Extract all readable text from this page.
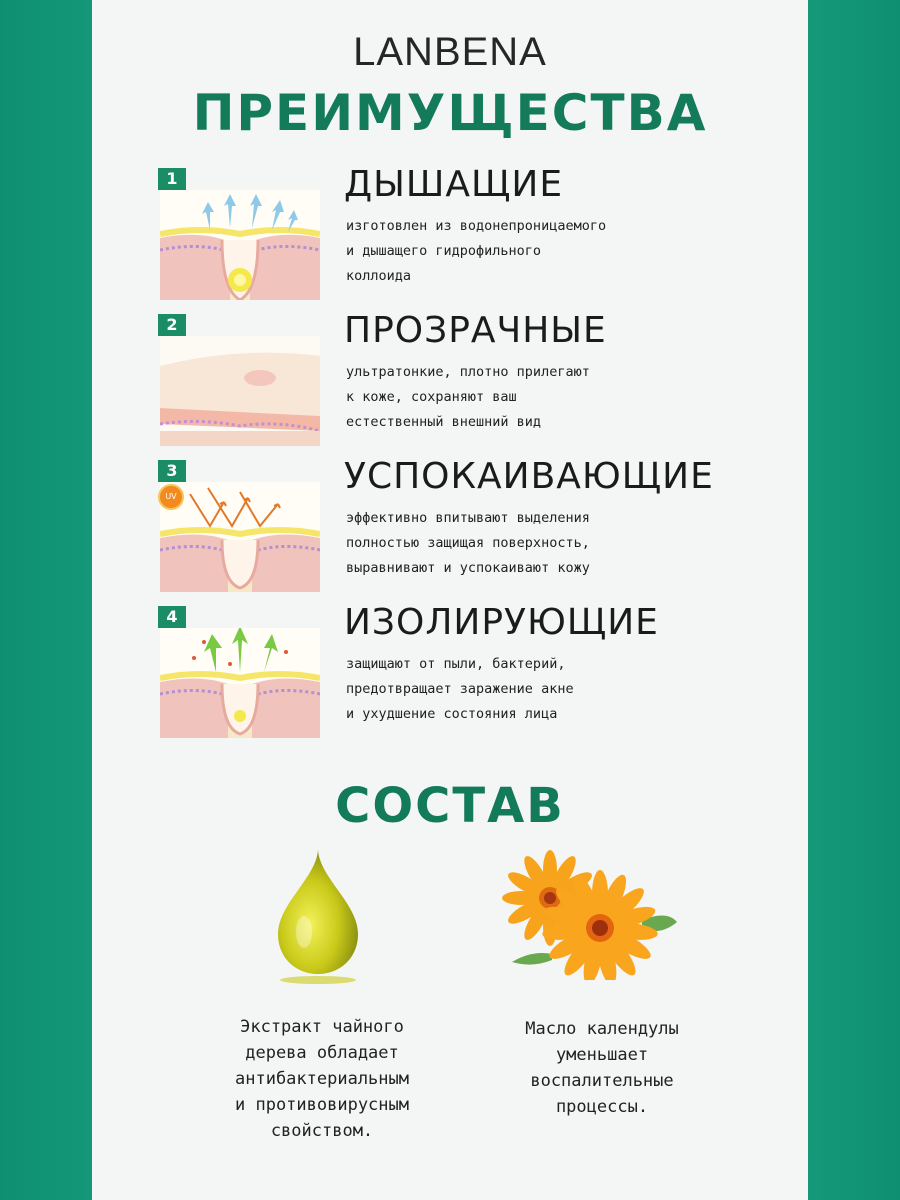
LANBENA
ПРЕИМУЩЕСТВА
1	ДЫШАЩИЕ
изготовлен из водонепроницаемого
и дышащего гидрофильного
коллоида
2	ПРОЗРАЧНЫЕ
ультратонкие, плотно прилегают
к коже, сохраняют ваш
естественный внешний вид
3
UV	УСПОКАИВАЮЩИЕ
эффективно впитывают выделения
полностью защищая поверхность,
выравнивают и успокаивают кожу
4	ИЗОЛИРУЮЩИЕ
защищают от пыли, бактерий,
предотвращает заражение акне
и ухудшение состояния лица
СОСТАВ
Экстракт чайного
дерева обладает
антибактериальным
и противовирусным
свойством.
Масло календулы
уменьшает
воспалительные
процессы.
